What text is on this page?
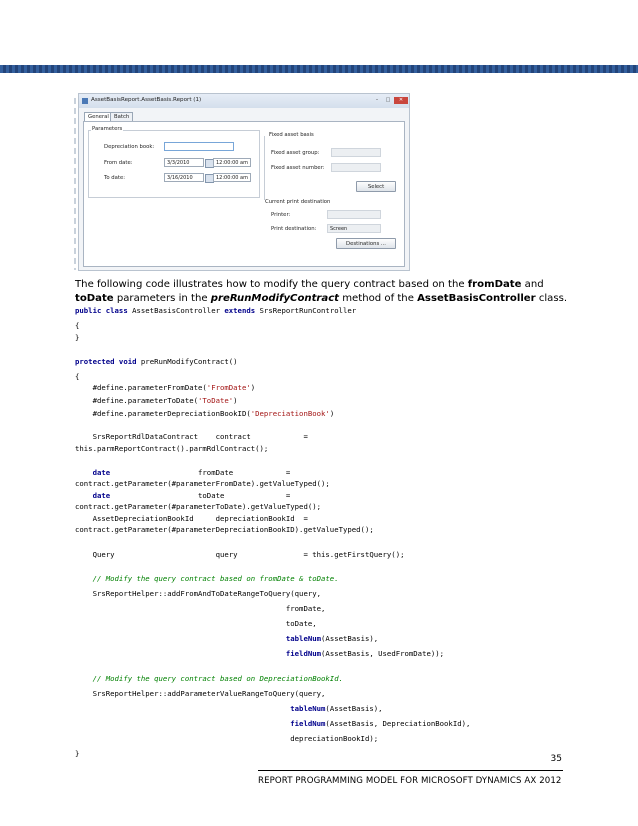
AssetBasisReport.AssetBasis.Report (1)	–	□	✕
General Batch
Parameters
Depreciation book:
From date:	3/3/2010	12:00:00 am
To date:	3/16/2010	12:00:00 am
Fixed asset basis
Fixed asset group:
Fixed asset number:
Select
Current print destination
Printer:
Print destination:	Screen
Destinations ...
The following code illustrates how to modify the query contract based on the fromDate and toDate parameters in the preRunModifyContract method of the AssetBasisController class.

public class AssetBasisController extends SrsReportRunController

{

}

protected void preRunModifyContract()

{

#define.parameterFromDate('FromDate')

#define.parameterToDate('ToDate')

#define.parameterDepreciationBookID('DepreciationBook')

SrsReportRdlDataContract    contract            =

this.parmReportContract().parmRdlContract();

date                    fromDate            =

contract.getParameter(#parameterFromDate).getValueTyped();

date                    toDate              =

contract.getParameter(#parameterToDate).getValueTyped();

AssetDepreciationBookId     depreciationBookId  =

contract.getParameter(#parameterDepreciationBookID).getValueTyped();

Query                       query               = this.getFirstQuery();

// Modify the query contract based on fromDate & toDate.

SrsReportHelper::addFromAndToDateRangeToQuery(query,

fromDate,

toDate,

tableNum(AssetBasis),

fieldNum(AssetBasis, UsedFromDate));

// Modify the query contract based on DepreciationBookId.

SrsReportHelper::addParameterValueRangeToQuery(query,

tableNum(AssetBasis),

fieldNum(AssetBasis, DepreciationBookId),

depreciationBookId);

}

35
REPORT PROGRAMMING MODEL FOR MICROSOFT DYNAMICS AX 2012
